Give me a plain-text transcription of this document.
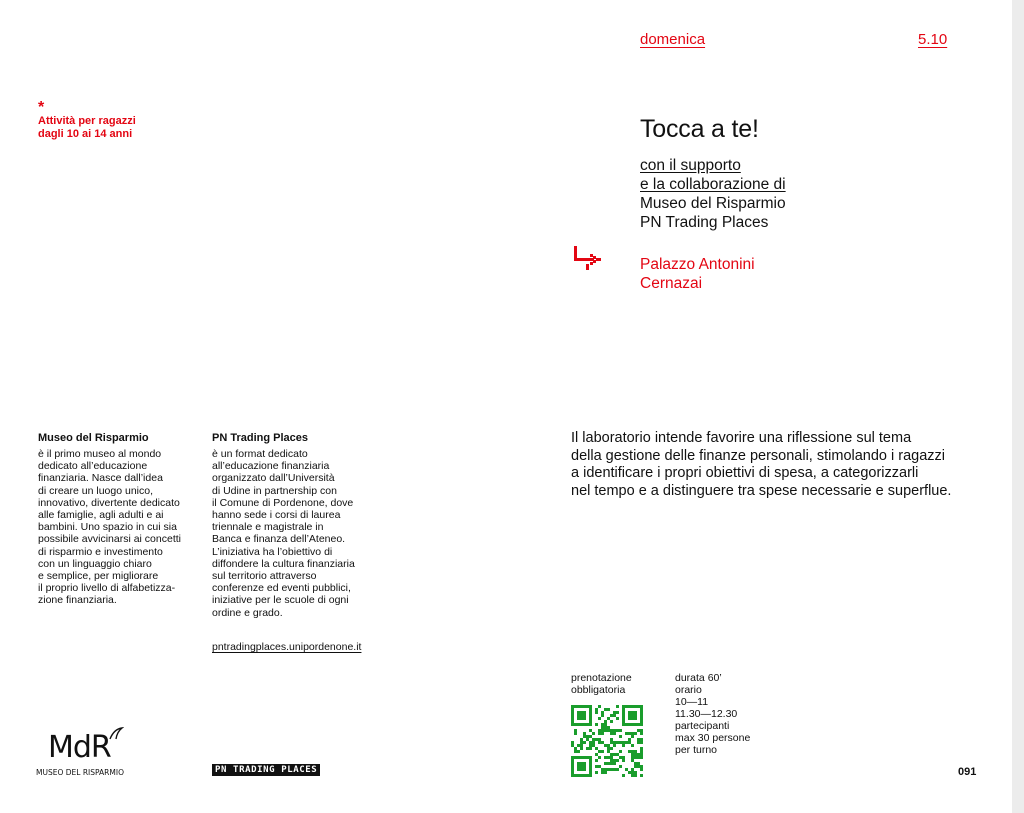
domenica	5.10
*
Attività per ragazzi
dagli 10 ai 14 anni	Tocca a te!
con il supporto
e la collaborazione di
Museo del Risparmio
PN Trading Places
Palazzo Antonini
Cernazai
Museo del Risparmio
è il primo museo al mondo
dedicato all’educazione
finanziaria. Nasce dall’idea
di creare un luogo unico,
innovativo, divertente dedicato
alle famiglie, agli adulti e ai
bambini. Uno spazio in cui sia
possibile avvicinarsi ai concetti
di risparmio e investimento
con un linguaggio chiaro
e semplice, per migliorare
il proprio livello di alfabetizza-
zione finanziaria.
PN Trading Places
è un format dedicato
all’educazione finanziaria
organizzato dall’Università
di Udine in partnership con
il Comune di Pordenone, dove
hanno sede i corsi di laurea
triennale e magistrale in
Banca e finanza dell’Ateneo.
L’iniziativa ha l’obiettivo di
diffondere la cultura finanziaria
sul territorio attraverso
conferenze ed eventi pubblici,
iniziative per le scuole di ogni
ordine e grado.
pntradingplaces.unipordenone.it
Il laboratorio intende favorire una riflessione sul tema
della gestione delle finanze personali, stimolando i ragazzi
a identificare i propri obiettivi di spesa, a categorizzarli
nel tempo e a distinguere tra spese necessarie e superflue.
prenotazione
obbligatoria
durata 60’
orario
10—11
11.30—12.30
partecipanti
max 30 persone
per turno
MdR
MUSEO DEL RISPARMIO	PN TRADING PLACES	091
